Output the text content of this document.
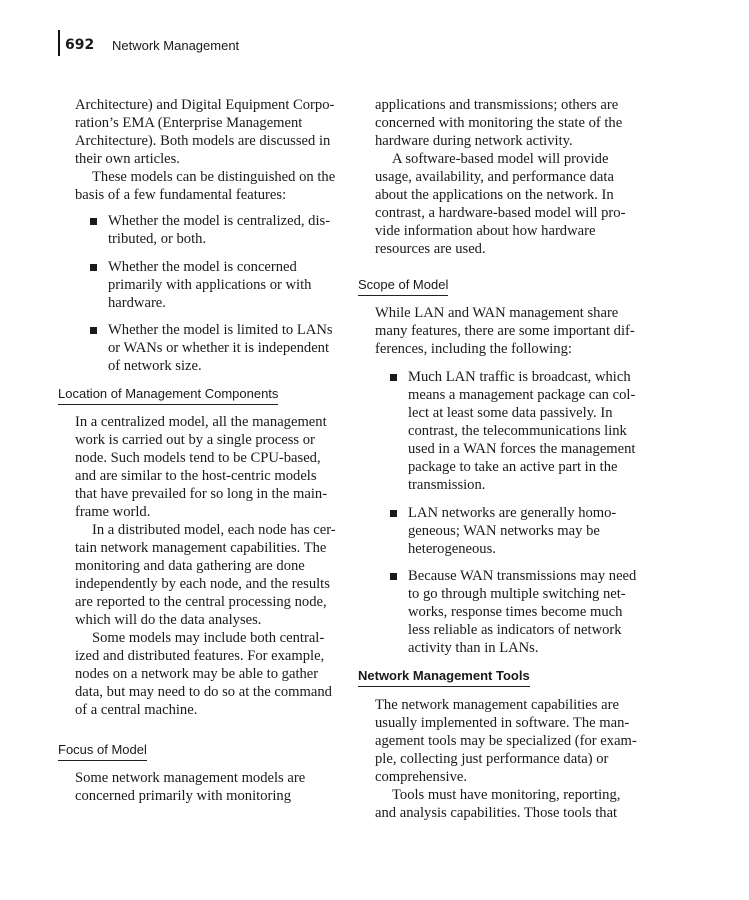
692 Network Management
Architecture) and Digital Equipment Corpo-
ration’s EMA (Enterprise Management
Architecture). Both models are discussed in
their own articles.
These models can be distinguished on the
basis of a few fundamental features:
Whether the model is centralized, dis-
tributed, or both.
Whether the model is concerned
primarily with applications or with
hardware.
Whether the model is limited to LANs
or WANs or whether it is independent
of network size.
Location of Management Components
In a centralized model, all the management
work is carried out by a single process or
node. Such models tend to be CPU-based,
and are similar to the host-centric models
that have prevailed for so long in the main-
frame world.
In a distributed model, each node has cer-
tain network management capabilities. The
monitoring and data gathering are done
independently by each node, and the results
are reported to the central processing node,
which will do the data analyses.
Some models may include both central-
ized and distributed features. For example,
nodes on a network may be able to gather
data, but may need to do so at the command
of a central machine.
Focus of Model
Some network management models are
concerned primarily with monitoring
applications and transmissions; others are
concerned with monitoring the state of the
hardware during network activity.
A software-based model will provide
usage, availability, and performance data
about the applications on the network. In
contrast, a hardware-based model will pro-
vide information about how hardware
resources are used.
Scope of Model
While LAN and WAN management share
many features, there are some important dif-
ferences, including the following:
Much LAN traffic is broadcast, which
means a management package can col-
lect at least some data passively. In
contrast, the telecommunications link
used in a WAN forces the management
package to take an active part in the
transmission.
LAN networks are generally homo-
geneous; WAN networks may be
heterogeneous.
Because WAN transmissions may need
to go through multiple switching net-
works, response times become much
less reliable as indicators of network
activity than in LANs.
Network Management Tools
The network management capabilities are
usually implemented in software. The man-
agement tools may be specialized (for exam-
ple, collecting just performance data) or
comprehensive.
Tools must have monitoring, reporting,
and analysis capabilities. Those tools that
